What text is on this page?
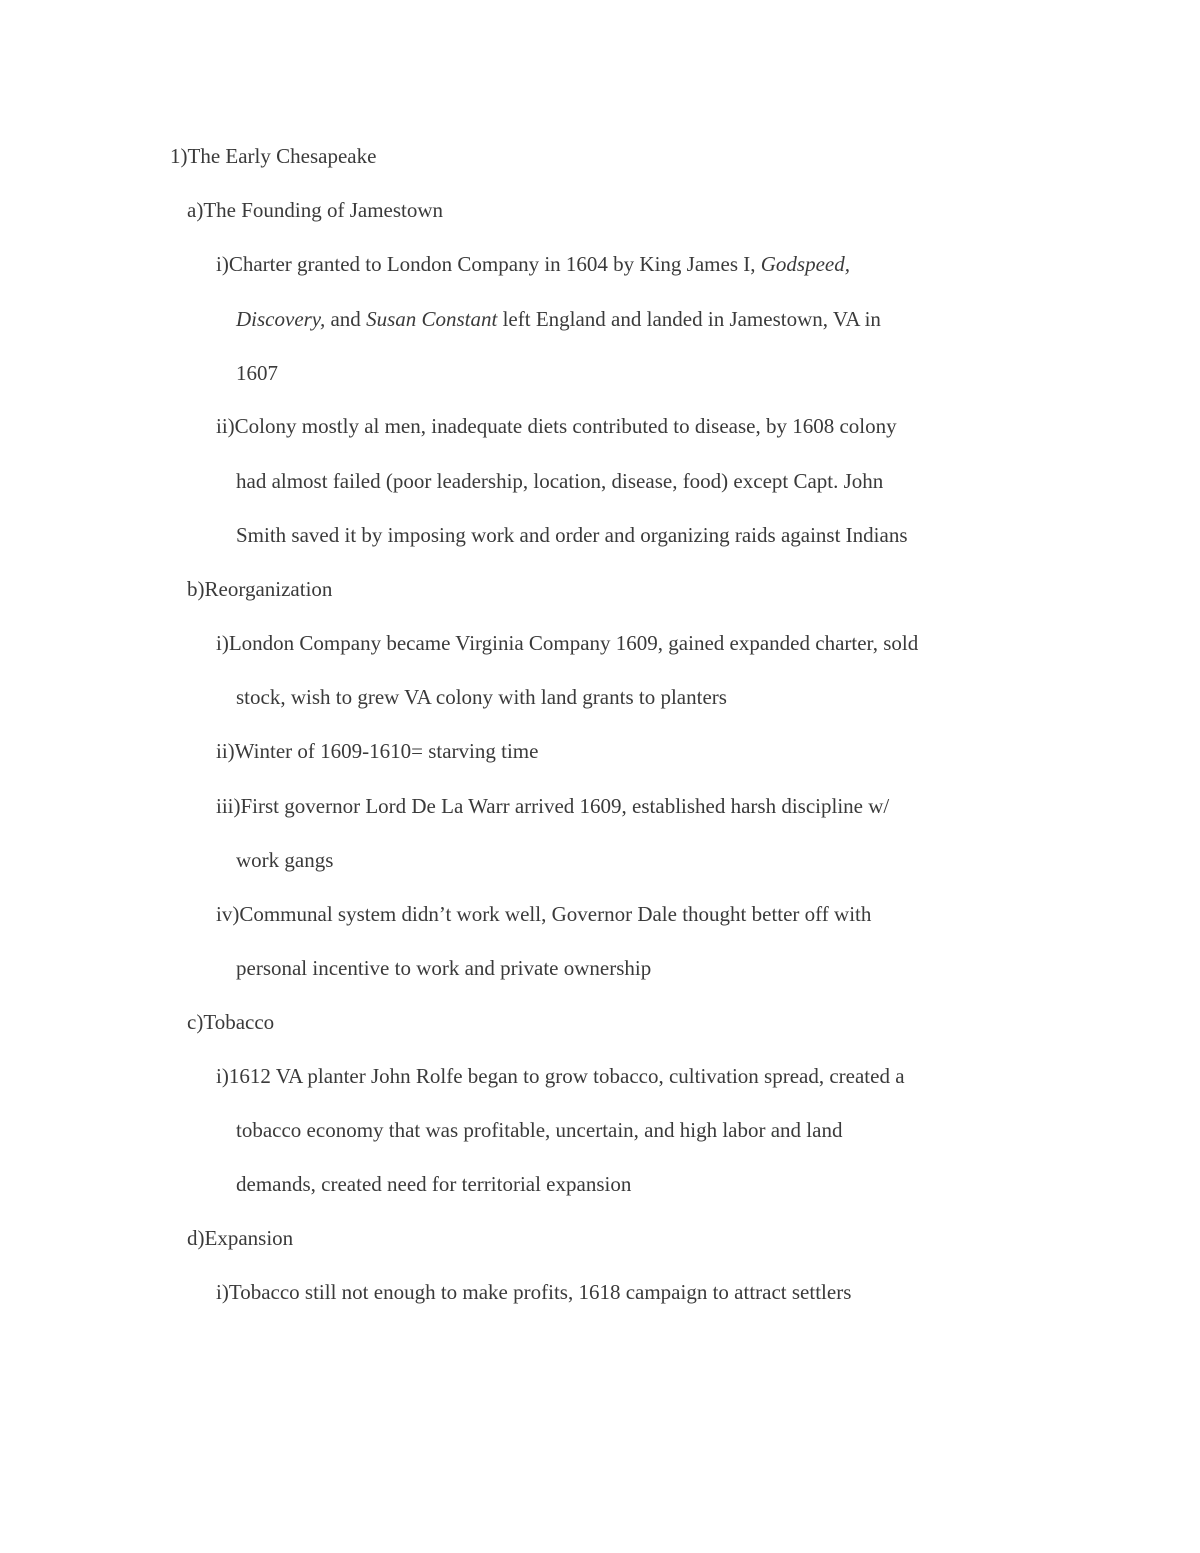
1)The Early Chesapeake

a)The Founding of Jamestown

i)Charter granted to London Company in 1604 by King James I, Godspeed,

Discovery, and Susan Constant left England and landed in Jamestown, VA in

1607

ii)Colony mostly al men, inadequate diets contributed to disease, by 1608 colony

had almost failed (poor leadership, location, disease, food) except Capt. John

Smith saved it by imposing work and order and organizing raids against Indians

b)Reorganization

i)London Company became Virginia Company 1609, gained expanded charter, sold

stock, wish to grew VA colony with land grants to planters

ii)Winter of 1609-1610= starving time

iii)First governor Lord De La Warr arrived 1609, established harsh discipline w/

work gangs

iv)Communal system didn’t work well, Governor Dale thought better off with

personal incentive to work and private ownership

c)Tobacco

i)1612 VA planter John Rolfe began to grow tobacco, cultivation spread, created a

tobacco economy that was profitable, uncertain, and high labor and land

demands, created need for territorial expansion

d)Expansion

i)Tobacco still not enough to make profits, 1618 campaign to attract settlers
